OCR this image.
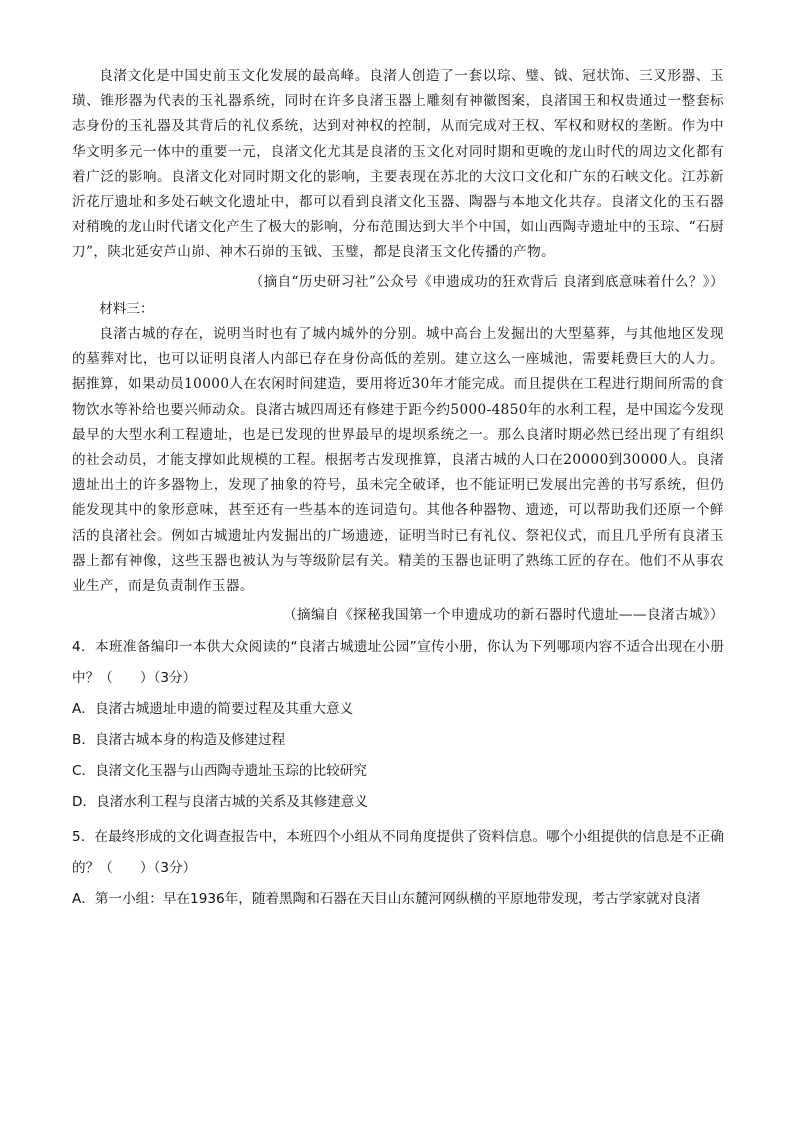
良渚文化是中国史前玉文化发展的最高峰。良渚人创造了一套以琮、璧、钺、冠状饰、三叉形器、玉璜、锥形器为代表的玉礼器系统，同时在许多良渚玉器上雕刻有神徽图案，良渚国王和权贵通过一整套标志身份的玉礼器及其背后的礼仪系统，达到对神权的控制，从而完成对王权、军权和财权的垄断。作为中华文明多元一体中的重要一元，良渚文化尤其是良渚的玉文化对同时期和更晚的龙山时代的周边文化都有着广泛的影响。良渚文化对同时期文化的影响，主要表现在苏北的大汶口文化和广东的石峡文化。江苏新沂花厅遗址和多处石峡文化遗址中，都可以看到良渚文化玉器、陶器与本地文化共存。良渚文化的玉石器对稍晚的龙山时代诸文化产生了极大的影响，分布范围达到大半个中国，如山西陶寺遗址中的玉琮、“石厨刀”，陕北延安芦山峁、神木石峁的玉钺、玉璧，都是良渚玉文化传播的产物。

（摘自“历史研习社”公众号《申遗成功的狂欢背后 良渚到底意味着什么？》）

材料三：

良渚古城的存在，说明当时也有了城内城外的分别。城中高台上发掘出的大型墓葬，与其他地区发现的墓葬对比，也可以证明良渚人内部已存在身份高低的差别。建立这么一座城池，需要耗费巨大的人力。据推算，如果动员10000人在农闲时间建造，要用将近30年才能完成。而且提供在工程进行期间所需的食物饮水等补给也要兴师动众。良渚古城四周还有修建于距今约5000-4850年的水利工程，是中国迄今发现最早的大型水利工程遗址，也是已发现的世界最早的堤坝系统之一。那么良渚时期必然已经出现了有组织的社会动员，才能支撑如此规模的工程。根据考古发现推算，良渚古城的人口在20000到30000人。良渚遗址出土的许多器物上，发现了抽象的符号，虽未完全破译，也不能证明已发展出完善的书写系统，但仍能发现其中的象形意味，甚至还有一些基本的连词造句。其他各种器物、遗迹，可以帮助我们还原一个鲜活的良渚社会。例如古城遗址内发掘出的广场遗迹，证明当时已有礼仪、祭祀仪式，而且几乎所有良渚玉器上都有神像，这些玉器也被认为与等级阶层有关。精美的玉器也证明了熟练工匠的存在。他们不从事农业生产，而是负责制作玉器。

（摘编自《探秘我国第一个申遗成功的新石器时代遗址——良渚古城》）

4．本班准备编印一本供大众阅读的“良渚古城遗址公园”宣传小册，你认为下列哪项内容不适合出现在小册中？（　　）（3分）

A．良渚古城遗址申遗的简要过程及其重大意义

B．良渚古城本身的构造及修建过程

C．良渚文化玉器与山西陶寺遗址玉琮的比较研究

D．良渚水利工程与良渚古城的关系及其修建意义

5．在最终形成的文化调查报告中，本班四个小组从不同角度提供了资料信息。哪个小组提供的信息是不正确的？（　　）（3分）

A．第一小组：早在1936年，随着黑陶和石器在天目山东麓河网纵横的平原地带发现，考古学家就对良渚
